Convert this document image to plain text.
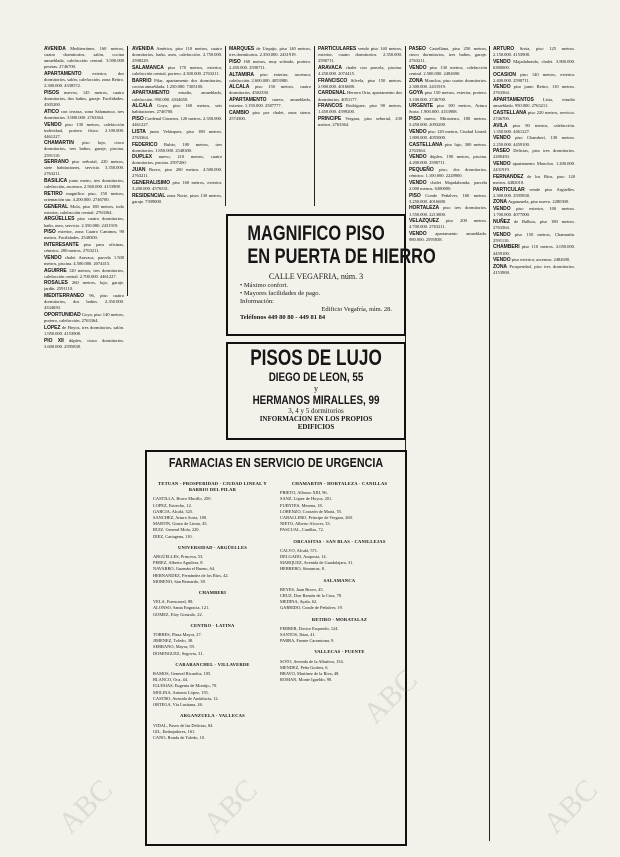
AVENIDA Mediterráneo, 160 metros, cuatro dormitorios, salón, cocina amueblada, calefacción central. 3.500.000 pesetas. 2746700.

APARTAMENTO exterior, dos dormitorios, salón, calefacción, zona Retiro. 2.300.000. 4338572.

PISOS nuevos, 145 metros, cuatro dormitorios, dos baños, garaje. Facilidades. 4505200.

ATICO con terraza, zona Salamanca, tres dormitorios. 3.900.000. 2763364.

VENDO piso 130 metros, calefacción individual, portero físico. 2.100.000. 4461227.

CHAMARTIN piso lujo, cinco dormitorios, tres baños, garaje, piscina. 2591110.

SERRANO piso señorial, 220 metros, siete habitaciones, servicio. 3.350.000. 2763211.

BASILICA junto metro, tres dormitorios, calefacción, ascensor. 2.560.000. 4153908.

RETIRO magnífico piso, 150 metros, orientación sur. 4.200.000. 2746700.

GENERAL Mola, piso 180 metros, todo exterior, calefacción central. 2763364.

ARGÜELLES piso cuatro dormitorios, baño, aseo, servicio. 2.350.000. 2431919.

PISO exterior, zona Cuatro Caminos, 90 metros. Facilidades. 2548300.

INTERESANTE piso para oficinas, céntrico, 200 metros. 2763211.

VENDO chalet Aravaca, parcela 1.500 metros, piscina. 4.500.000. 2074415.

AGUIRRE 120 metros, tres dormitorios, calefacción central. 2.700.000. 4461227.

ROSALES 260 metros, lujo, garaje, jardín. 2591110.

MEDITERRANEO 96, piso cuatro dormitorios, dos baños. 2.350.000. 4334650.

OPORTUNIDAD Goya, piso 140 metros, portero, calefacción. 2763364.

LOPEZ de Hoyos, tres dormitorios, salón. 1.950.000. 4153908.

PIO XII dúplex, cinco dormitorios. 3.600.000. 2595838.

AVENIDA América, piso 110 metros, cuatro dormitorios, baño, aseo, calefacción. 2.750.000. 2598229.

SALAMANCA piso 170 metros, exterior, calefacción central, portero. 4.300.000. 2763211.

BARRIO Pilar, apartamento dos dormitorios, cocina amueblada. 1.250.000. 7305100.

APARTAMENTO estudio, amueblado, calefacción. 950.000. 4334650.

ALCALA Goya, piso 160 metros, seis habitaciones. 2746700.

PISO Cardenal Cisneros, 120 metros. 2.350.000. 4461227.

LISTA junto Velázquez, piso 180 metros. 2763364.

FEDERICO Rubio, 100 metros, tres dormitorios. 1.850.000. 2548300.

DUPLEX nuevo, 210 metros, cuatro dormitorios, piscina. 2597260.

JUAN Bravo, piso 200 metros. 4.500.000. 2763211.

GENERALISIMO piso 160 metros, exterior. 3.200.000. 4576531.

RESIDENCIAL zona Norte, pisos 130 metros, garaje. 7399000.

MARQUES de Urquijo, piso 140 metros, tres dormitorios. 2.350.000. 2431919.

PISO 160 metros, muy soleado, portero. 2.450.000. 2590711.

ALTAMIRA piso exterior, ascensor, calefacción. 2.600.000. 4053980.

ALCALA piso 150 metros, cuatro dormitorios. 4502330.

APARTAMENTO nuevo, amueblado, exterior. 1.150.000. 2587777.

CAMBIO piso por chalet, zona sierra. 2574300.

PARTICULARES vendo piso 140 metros, exterior, cuatro dormitorios. 2.350.000. 2590711.

ARAVACA chalet con parcela, piscina. 4.250.000. 2074415.

FRANCISCO Silvela, piso 150 metros. 2.900.000. 4016688.

CARDENAL Herrera Oria, apartamento dos dormitorios. 4051177.

FRANCOS Rodríguez, piso 90 metros. 1.450.000. 4599200.

PRINCIPE Vergara, piso señorial, 230 metros. 2763364.

PASEO Castellana, piso 250 metros, cinco dormitorios, tres baños, garaje. 2763211.

VENDO piso 130 metros, calefacción central. 2.500.000. 2482690.

ZONA Moncloa, piso cuatro dormitorios. 2.300.000. 2431919.

GOYA piso 150 metros, exterior, portero. 3.100.000. 2746700.

URGENTE piso 100 metros, Arturo Soria. 1.900.000. 4153908.

PISO nuevo, Mirasierra, 180 metros. 3.450.000. 2093200.

VENDO piso 120 metros, Ciudad Lineal. 1.800.000. 4055000.

CASTELLANA piso lujo, 300 metros. 2763364.

VENDO dúplex, 190 metros, piscina. 4.200.000. 2590711.

PEQUEÑO piso, dos dormitorios, céntrico. 1.100.000. 2228900.

VENDO chalet Majadahonda, parcela 2.000 metros. 6380000.

PISO Conde Peñalver, 160 metros. 3.250.000. 4016688.

HORTALEZA piso tres dormitorios. 1.550.000. 2213800.

VELAZQUEZ piso 200 metros. 4.700.000. 2763211.

VENDO apartamento amueblado. 980.000. 2595838.

ARTURO Soria, piso 125 metros. 2.150.000. 4153908.

VENDO Majadahonda, chalet. 3.800.000. 6380000.

OCASION piso 140 metros, exterior. 2.400.000. 2590711.

VENDO piso junto Retiro, 110 metros. 2763364.

APARTAMENTOS Lista, estudio amueblado. 950.000. 2763211.

CASTELLANA piso 220 metros, servicio. 2746700.

AVILA piso 90 metros, calefacción. 1.350.000. 4461227.

VENDO piso Chamberí, 130 metros. 2.250.000. 4459100.

PASEO Delicias, piso tres dormitorios. 2280450.

VENDO apartamento Moncloa. 1.200.000. 2431919.

FERNANDEZ de los Ríos, piso 120 metros. 4482010.

PARTICULAR vende piso Argüelles. 2.300.000. 2595838.

ZONA Arganzuela, piso nuevo. 2280300.

VENDO piso exterior, 100 metros. 1.700.000. 4077000.

NUÑEZ de Balboa, piso 180 metros. 2763364.

VENDO piso 150 metros, Chamartín. 2591110.

CHAMBERI piso 110 metros. 2.050.000. 4459100.

VENDO piso exterior, ascensor. 2482690.

ZONA Prosperidad, piso tres dormitorios. 4153908.

MAGNIFICO PISO
EN PUERTA DE HIERRO
CALLE VEGAFRIA, núm. 3
• Máximo confort.
• Mayores facilidades de pago.
Información:
Edificio Vegafría, núm. 28.
Teléfonos 449 80 80 - 449 81 84
PISOS DE LUJO
DIEGO DE LEON, 55
y
HERMANOS MIRALLES, 99
3, 4 y 5 dormitorios
INFORMACION EN LOS PROPIOS
EDIFICIOS
FARMACIAS EN SERVICIO DE URGENCIA
TETUAN - PROSPERIDAD - CIUDAD LINEAL Y BARRIO DEL PILAR
CASTILLA, Bravo Murillo, 250.
LOPEZ, Estrecho, 12.
GARCIA, Alcalá, 325.
SANCHEZ, Arturo Soria, 180.
MARTIN, Ginzo de Limia, 45.
RUIZ, General Mola, 220.
DIEZ, Cartagena, 110.
UNIVERSIDAD - ARGÜELLES
ARGÜELLES, Princesa, 53.
PEREZ, Alberto Aguilera, 8.
NAVARRO, Guzmán el Bueno, 64.
HERNANDEZ, Fernández de los Ríos, 42.
MORENO, San Bernardo, 39.
CHAMBERI
VELA, Fuencarral, 88.
ALONSO, Santa Engracia, 121.
GOMEZ, Eloy Gonzalo, 22.
CENTRO - LATINA
TORRES, Plaza Mayor, 27.
JIMENEZ, Toledo, 38.
SERRANO, Mayor, 59.
DOMINGUEZ, Segovia, 31.
CARABANCHEL - VILLAVERDE
RAMOS, General Ricardos, 105.
BLANCO, Oca, 44.
IGLESIAS, Eugenia de Montijo, 70.
MOLINA, Antonio López, 155.
CASTRO, Avenida de Andalucía, 12.
ORTEGA, Vía Lusitana, 26.
ARGANZUELA - VALLECAS
VIDAL, Paseo de las Delicias, 84.
GIL, Embajadores, 161.
CANO, Ronda de Toledo, 10.
CHAMARTIN - HORTALEZA - CANILLAS
PRIETO, Alfonso XIII, 96.
SANZ, López de Hoyos, 201.
FUENTES, Mesena, 18.
LORENZO, Corazón de María, 55.
CABALLERO, Príncipe de Vergara, 260.
NIETO, Alberto Alcocer, 33.
PASCUAL, Canillas, 72.
ORCASITAS - SAN BLAS - CANILLEJAS
CALVO, Alcalá, 571.
DELGADO, Amposta, 14.
MARQUEZ, Avenida de Guadalajara, 31.
HERRERO, Simancas, 8.
SALAMANCA
REYES, Juan Bravo, 45.
CRUZ, Don Ramón de la Cruz, 78.
MEDINA, Ayala, 62.
GARRIDO, Conde de Peñalver, 19.
RETIRO - MORATALAZ
FERRER, Doctor Esquerdo, 124.
SANTOS, Ibiza, 41.
PARRA, Fuente Carrantona, 9.
VALLECAS - PUENTE
SOTO, Avenida de la Albufera, 154.
MENDEZ, Peña Gorbea, 6.
BRAVO, Martínez de la Riva, 48.
ROMAN, Monte Igueldo, 90.
ABC	ABC
